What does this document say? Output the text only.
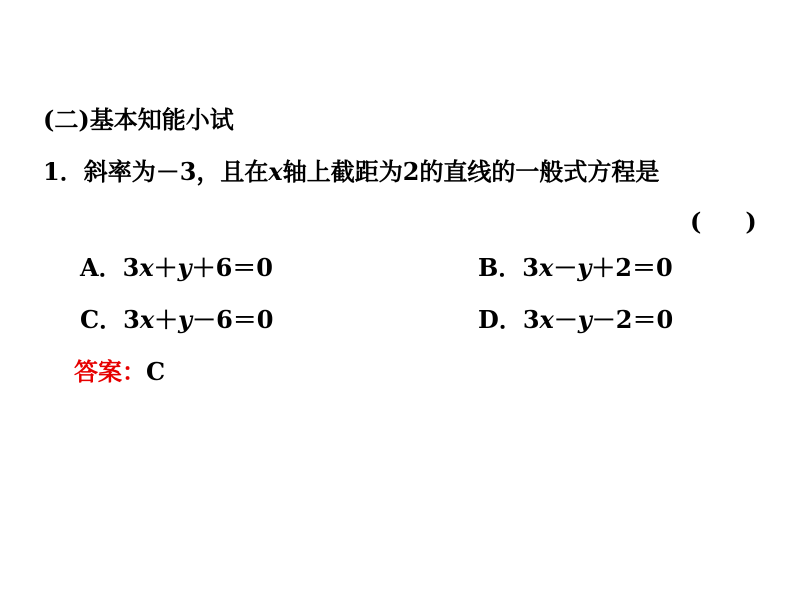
(二)基本知能小试
1．斜率为－3，且在x轴上截距为2的直线的一般式方程是
( )
A．3x＋y＋6＝0	B．3x－y＋2＝0
C．3x＋y－6＝0	D．3x－y－2＝0
答案：C
